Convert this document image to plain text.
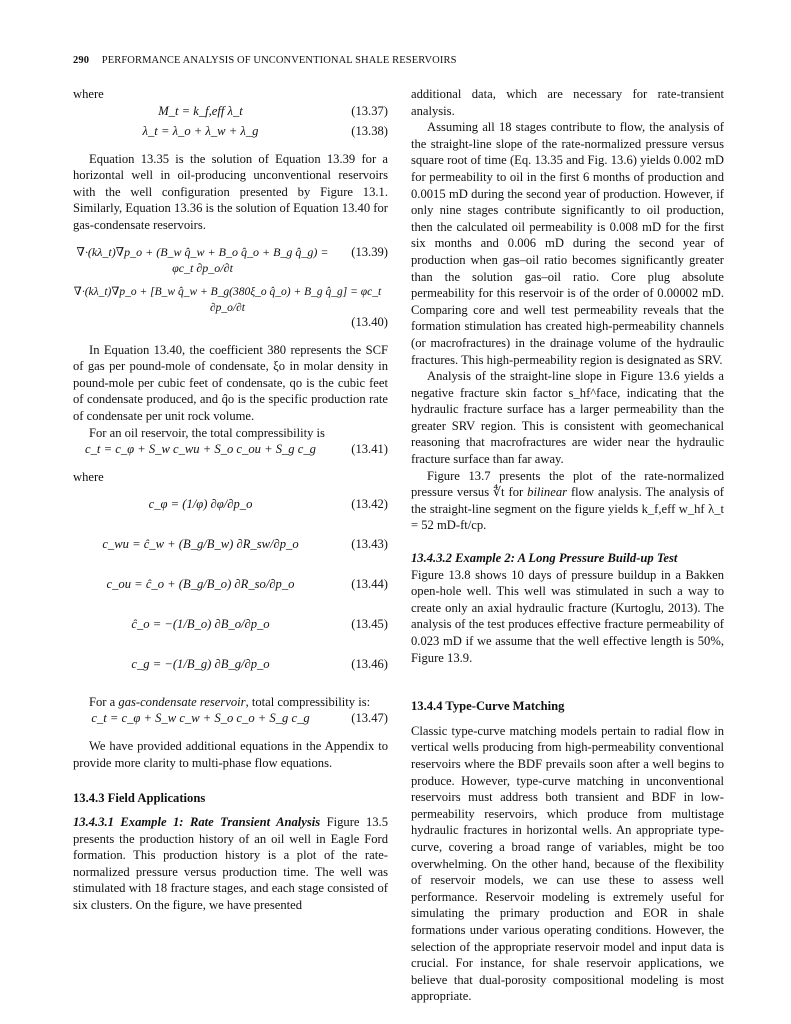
290 PERFORMANCE ANALYSIS OF UNCONVENTIONAL SHALE RESERVOIRS

where

M_t = k_f,eff λ_t	(13.37)
λ_t = λ_o + λ_w + λ_g	(13.38)

Equation 13.35 is the solution of Equation 13.39 for a horizontal well in oil-producing unconventional reservoirs with the well configuration presented by Figure 13.1. Similarly, Equation 13.36 is the solution of Equation 13.40 for gas-condensate reservoirs.

∇·(kλ_t)∇p_o + (B_w q̂_w + B_o q̂_o + B_g q̂_g) = φc_t ∂p_o/∂t
(13.39)
∇·(kλ_t)∇p_o + [B_w q̂_w + B_g(380ξ_o q̂_o) + B_g q̂_g] = φc_t ∂p_o/∂t
(13.40)

In Equation 13.40, the coefficient 380 represents the SCF of gas per pound-mole of condensate, ξo in molar density in pound-mole per cubic feet of condensate, qo is the cubic feet of condensate produced, and q̂o is the specific production rate of condensate per unit rock volume.

For an oil reservoir, the total compressibility is

c_t = c_φ + S_w c_wu + S_o c_ou + S_g c_g	(13.41)

where

c_φ = (1/φ) ∂φ/∂p_o	(13.42)
c_wu = ĉ_w + (B_g/B_w) ∂R_sw/∂p_o	(13.43)
c_ou = ĉ_o + (B_g/B_o) ∂R_so/∂p_o	(13.44)
ĉ_o = −(1/B_o) ∂B_o/∂p_o	(13.45)
c_g = −(1/B_g) ∂B_g/∂p_o	(13.46)

For a gas-condensate reservoir, total compressibility is:

c_t = c_φ + S_w c_w + S_o c_o + S_g c_g	(13.47)

We have provided additional equations in the Appendix to provide more clarity to multi-phase flow equations.

13.4.3 Field Applications

13.4.3.1 Example 1: Rate Transient Analysis Figure 13.5 presents the production history of an oil well in Eagle Ford formation. This production history is a plot of the rate-normalized pressure versus production time. The well was stimulated with 18 fracture stages, and each stage consisted of six clusters. On the figure, we have presented

additional data, which are necessary for rate-transient analysis.

Assuming all 18 stages contribute to flow, the analysis of the straight-line slope of the rate-normalized pressure versus square root of time (Eq. 13.35 and Fig. 13.6) yields 0.002 mD for permeability to oil in the first 6 months of production and 0.0015 mD during the second year of production. However, if only nine stages contribute significantly to oil production, then the calculated oil permeability is 0.008 mD for the first six months and 0.006 mD during the second year of production when gas–oil ratio becomes significantly greater than the solution gas–oil ratio. Core plug absolute permeability for this reservoir is of the order of 0.00002 mD. Comparing core and well test permeability reveals that the formation stimulation has created high-permeability channels (or macrofractures) in the drainage volume of the hydraulic fractures. This high-permeability region is designated as SRV.

Analysis of the straight-line slope in Figure 13.6 yields a negative fracture skin factor s_hf^face, indicating that the hydraulic fracture surface has a larger permeability than the greater SRV region. This is consistent with geomechanical reasoning that macrofractures are wider near the hydraulic fracture surface than far away.

Figure 13.7 presents the plot of the rate-normalized pressure versus ∜t for bilinear flow analysis. The analysis of the straight-line segment on the figure yields k_f,eff w_hf λ_t = 52 mD-ft/cp.

13.4.3.2 Example 2: A Long Pressure Build-up Test

Figure 13.8 shows 10 days of pressure buildup in a Bakken open-hole well. This well was stimulated in such a way to create only an axial hydraulic fracture (Kurtoglu, 2013). The analysis of the test produces effective fracture permeability of 0.023 mD if we assume that the well effective length is 50%, Figure 13.9.

13.4.4 Type-Curve Matching

Classic type-curve matching models pertain to radial flow in vertical wells producing from high-permeability conventional reservoirs where the BDF prevails soon after a well begins to produce. However, type-curve matching in unconventional reservoirs must address both transient and BDF in low-permeability reservoirs, which produce from multistage hydraulic fractures in horizontal wells. An appropriate type-curve, covering a broad range of variables, might be too overwhelming. On the other hand, because of the flexibility of reservoir models, we can use these to assess well performance. Reservoir modeling is extremely useful for simulating the primary production and EOR in shale formations under various operating conditions. However, the selection of the appropriate reservoir model and input data is crucial. For instance, for shale reservoir applications, we believe that dual-porosity compositional modeling is most appropriate.
